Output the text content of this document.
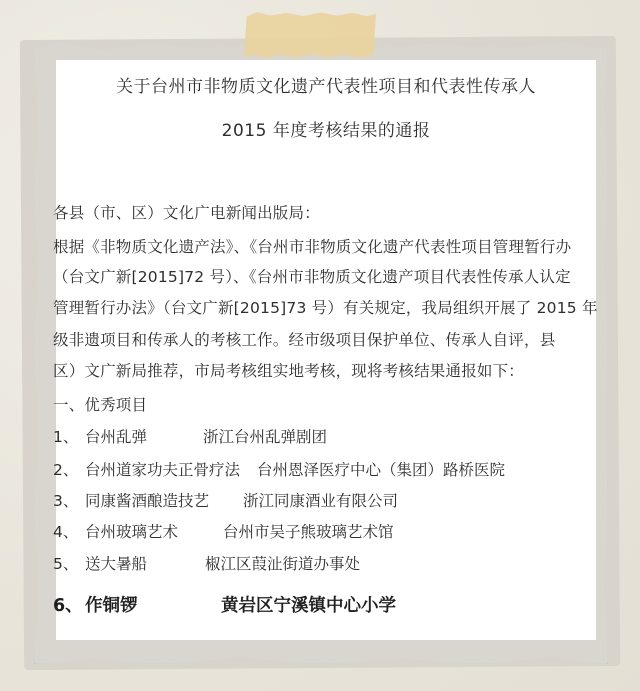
关于台州市非物质文化遗产代表性项目和代表性传承人
2015 年度考核结果的通报
各县（市、区）文化广电新闻出版局：
根据《非物质文化遗产法》、《台州市非物质文化遗产代表性项目管理暂行办
（台文广新[2015]72 号）、《台州市非物质文化遗产项目代表性传承人认定
管理暂行办法》（台文广新[2015]73 号）有关规定，我局组织开展了 2015 年
级非遗项目和传承人的考核工作。经市级项目保护单位、传承人自评，县
区）文广新局推荐，市局考核组实地考核，现将考核结果通报如下：
一、优秀项目
1、 台州乱弹	浙江台州乱弹剧团
2、 台州道家功夫正骨疗法 台州恩泽医疗中心（集团）路桥医院
3、 同康酱酒酿造技艺 浙江同康酒业有限公司
4、 台州玻璃艺术	台州市吴子熊玻璃艺术馆
5、 送大暑船	椒江区葭沚街道办事处
6、 作铜锣	黄岩区宁溪镇中心小学
